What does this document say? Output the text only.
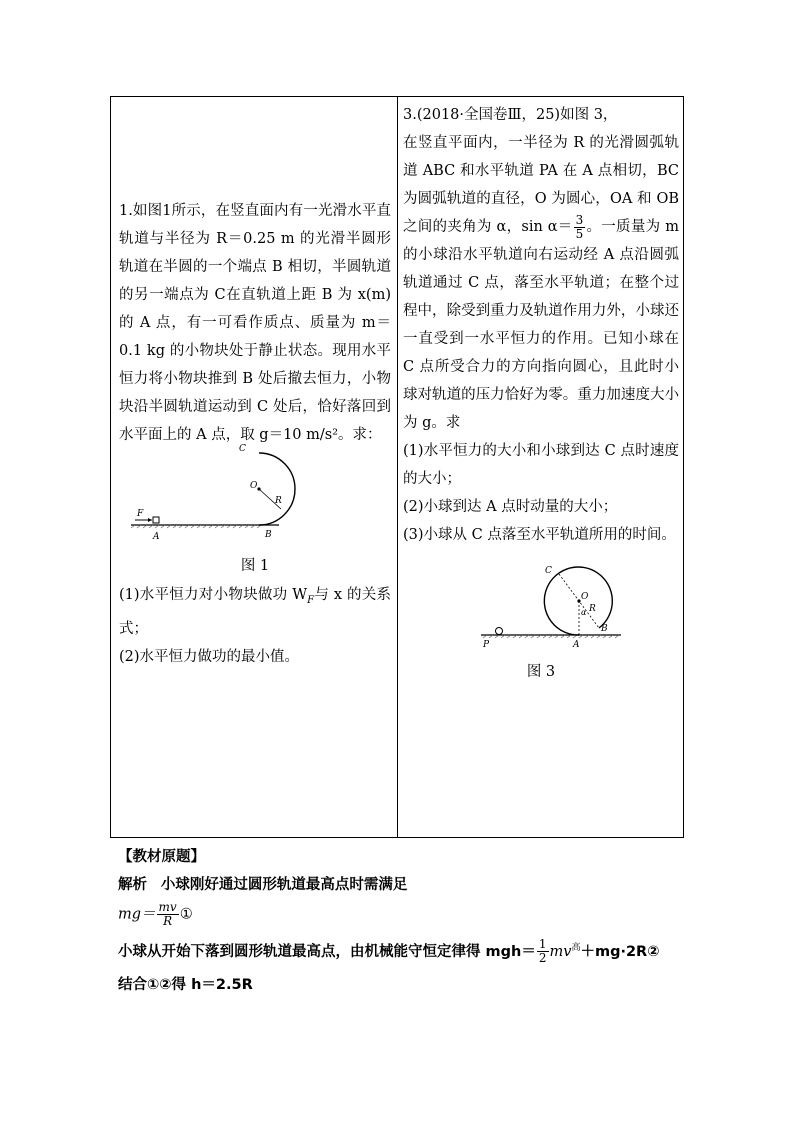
1.如图1所示，在竖直面内有一光滑水平直轨道与半径为 R＝0.25 m 的光滑半圆形轨道在半圆的一个端点 B 相切，半圆轨道的另一端点为 C在直轨道上距 B 为 x(m)的 A 点，有一可看作质点、质量为 m＝0.1 kg 的小物块处于静止状态。现用水平恒力将小物块推到 B 处后撤去恒力，小物块沿半圆轨道运动到 C 处后，恰好落回到水平面上的 A 点，取 g＝10 m/s²。求：

C
O
R
F
A	B
图 1

(1)水平恒力对小物块做功 $W_F$与 x 的关系式；

(2)水平恒力做功的最小值。

3.(2018·全国卷Ⅲ，25)如图 3，

在竖直平面内，一半径为 R 的光滑圆弧轨道 ABC 和水平轨道 PA 在 A 点相切，BC 为圆弧轨道的直径，O 为圆心，OA 和 OB 之间的夹角为 α，$\sin \alpha= \frac{3}{5}$ 。一质量为 m 的小球沿水平轨道向右运动经 A 点沿圆弧轨道通过 C 点，落至水平轨道；在整个过程中，除受到重力及轨道作用力外，小球还一直受到一水平恒力的作用。已知小球在 C 点所受合力的方向指向圆心，且此时小球对轨道的压力恰好为零。重力加速度大小为 g。求

(1)水平恒力的大小和小球到达 C 点时速度的大小；

(2)小球到达 A 点时动量的大小；

(3)小球从 C 点落至水平轨道所用的时间。

C
O
α R
B
P	A
图 3
【教材原题】
解析 小球刚好通过圆形轨道最高点时需满足
$mg= \frac{mv}{R}$ ①
小球从开始下落到圆形轨道最高点，由机械能守恒定律得 $mgh= \frac{1}{2}$ $mv^高+mg\cdot 2R②$
结合①②得 h＝2.5R
